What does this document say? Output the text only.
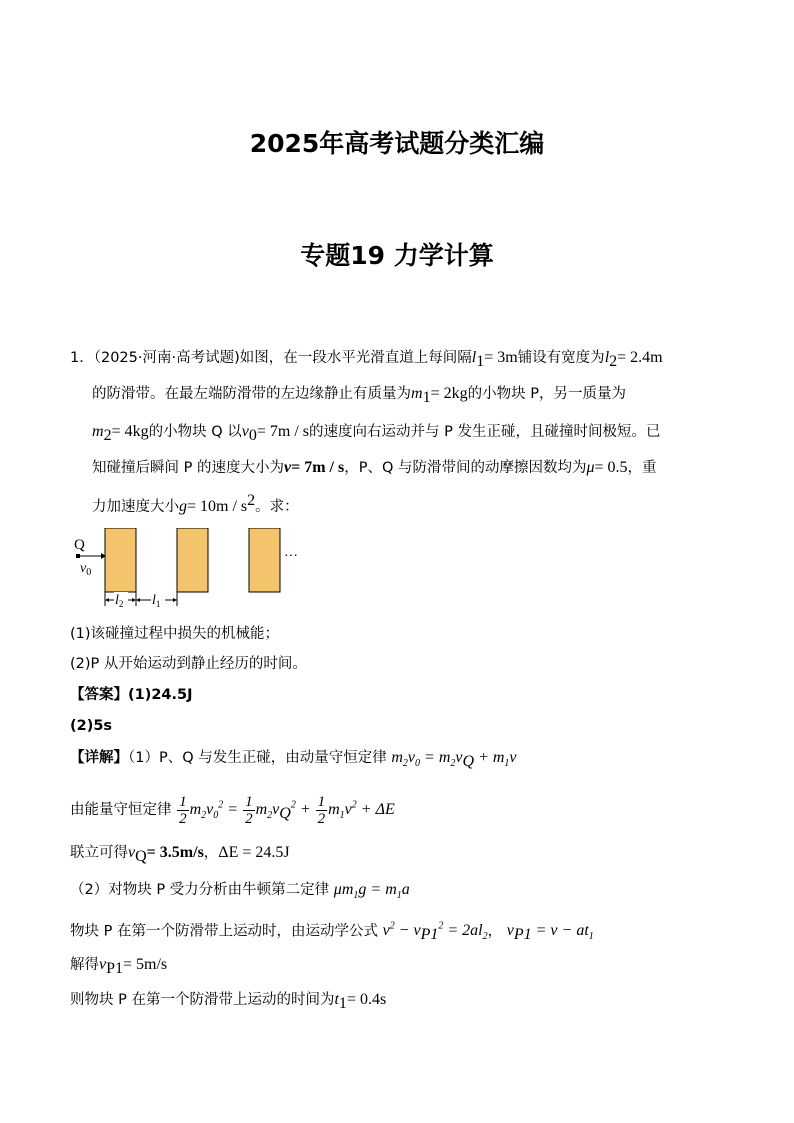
2025年高考试题分类汇编
专题19 力学计算
1．（2025·河南·高考试题)如图，在一段水平光滑直道上每间隔$l_1= 3m$铺设有宽度为$l_2= 2.4m$
的防滑带。在最左端防滑带的左边缘静止有质量为$m_1= 2kg$的小物块 P，另一质量为
$m_2= 4kg$的小物块 Q 以$v_0= 7m / s$的速度向右运动并与 P 发生正碰，且碰撞时间极短。已
知碰撞后瞬间 P 的速度大小为v= 7m / s，P、Q 与防滑带间的动摩擦因数均为μ= 0.5，重
力加速度大小$g= 10m / s^2$。求：
Q
$v_0$
···
$l_2$ $l_1$
(1)该碰撞过程中损失的机械能；
(2)P 从开始运动到静止经历的时间。
【答案】(1)24.5J
(2)5s
【详解】（1）P、Q 与发生正碰，由动量守恒定律 $m_2v_0 = m_2v_Q + m_1v$
由能量守恒定律 $\frac{1}{2} m_2v_0^2 = \frac{1}{2} m_2v_Q^2 + \frac{1}{2} m_1v^2 + \Delta E$
联立可得$v_Q= 3.5m/s$，ΔE = 24.5J
（2）对物块 P 受力分析由牛顿第二定律 $\mu m_1g = m_1a$
物块 P 在第一个防滑带上运动时，由运动学公式 $v^2 - v_{P1}^2 = 2al_2$， $v_{P1} = v - at_1$
解得$v_{P1}= 5m/s$
则物块 P 在第一个防滑带上运动的时间为$t_1= 0.4s$
